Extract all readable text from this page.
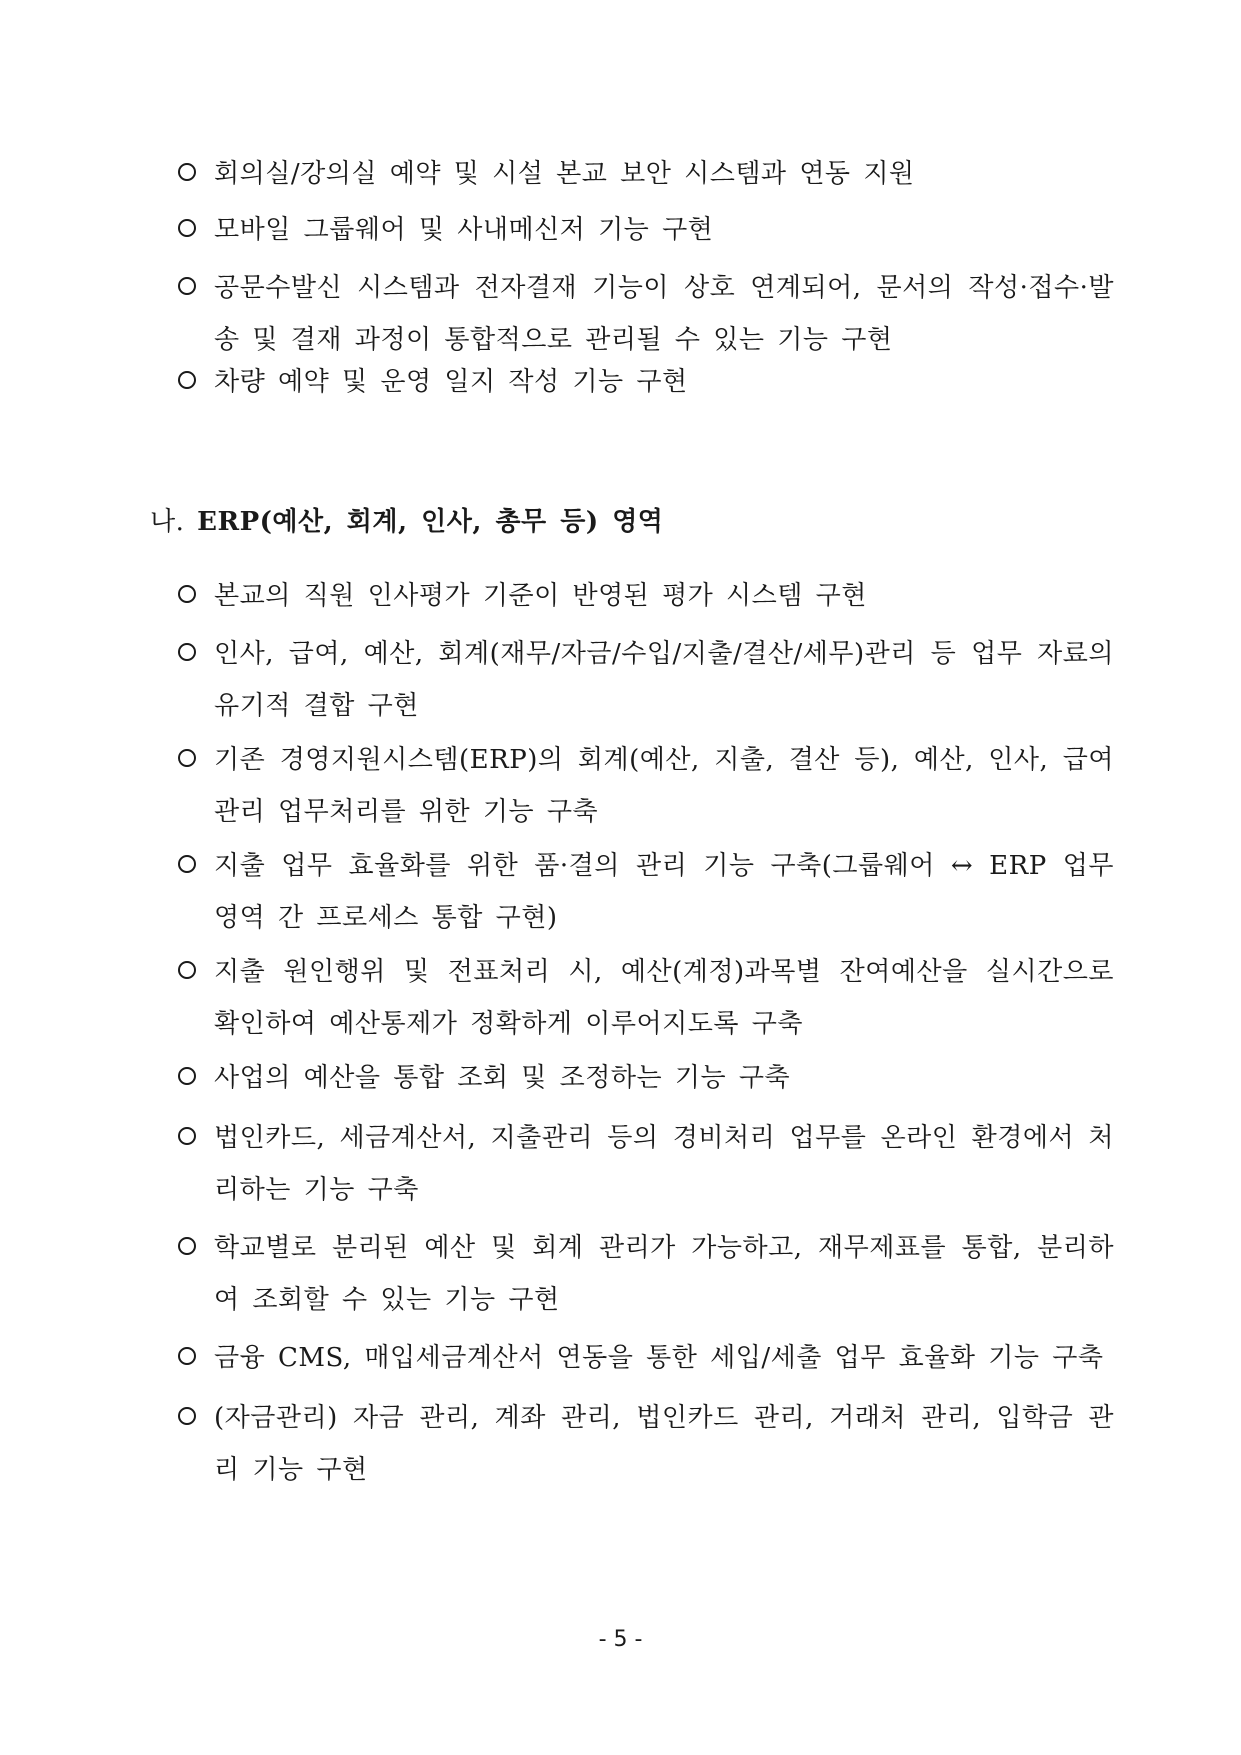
회의실/강의실 예약 및 시설 본교 보안 시스템과 연동 지원
모바일 그룹웨어 및 사내메신저 기능 구현
공문수발신 시스템과 전자결재 기능이 상호 연계되어, 문서의 작성·접수·발송 및 결재 과정이 통합적으로 관리될 수 있는 기능 구현
차량 예약 및 운영 일지 작성 기능 구현
나. ERP(예산, 회계, 인사, 총무 등) 영역
본교의 직원 인사평가 기준이 반영된 평가 시스템 구현
인사, 급여, 예산, 회계(재무/자금/수입/지출/결산/세무)관리 등 업무 자료의 유기적 결합 구현
기존 경영지원시스템(ERP)의 회계(예산, 지출, 결산 등), 예산, 인사, 급여 관리 업무처리를 위한 기능 구축
지출 업무 효율화를 위한 품·결의 관리 기능 구축(그룹웨어 ↔ ERP 업무 영역 간 프로세스 통합 구현)
지출 원인행위 및 전표처리 시, 예산(계정)과목별 잔여예산을 실시간으로 확인하여 예산통제가 정확하게 이루어지도록 구축
사업의 예산을 통합 조회 및 조정하는 기능 구축
법인카드, 세금계산서, 지출관리 등의 경비처리 업무를 온라인 환경에서 처리하는 기능 구축
학교별로 분리된 예산 및 회계 관리가 가능하고, 재무제표를 통합, 분리하여 조회할 수 있는 기능 구현
금융 CMS, 매입세금계산서 연동을 통한 세입/세출 업무 효율화 기능 구축
(자금관리) 자금 관리, 계좌 관리, 법인카드 관리, 거래처 관리, 입학금 관리 기능 구현
- 5 -
